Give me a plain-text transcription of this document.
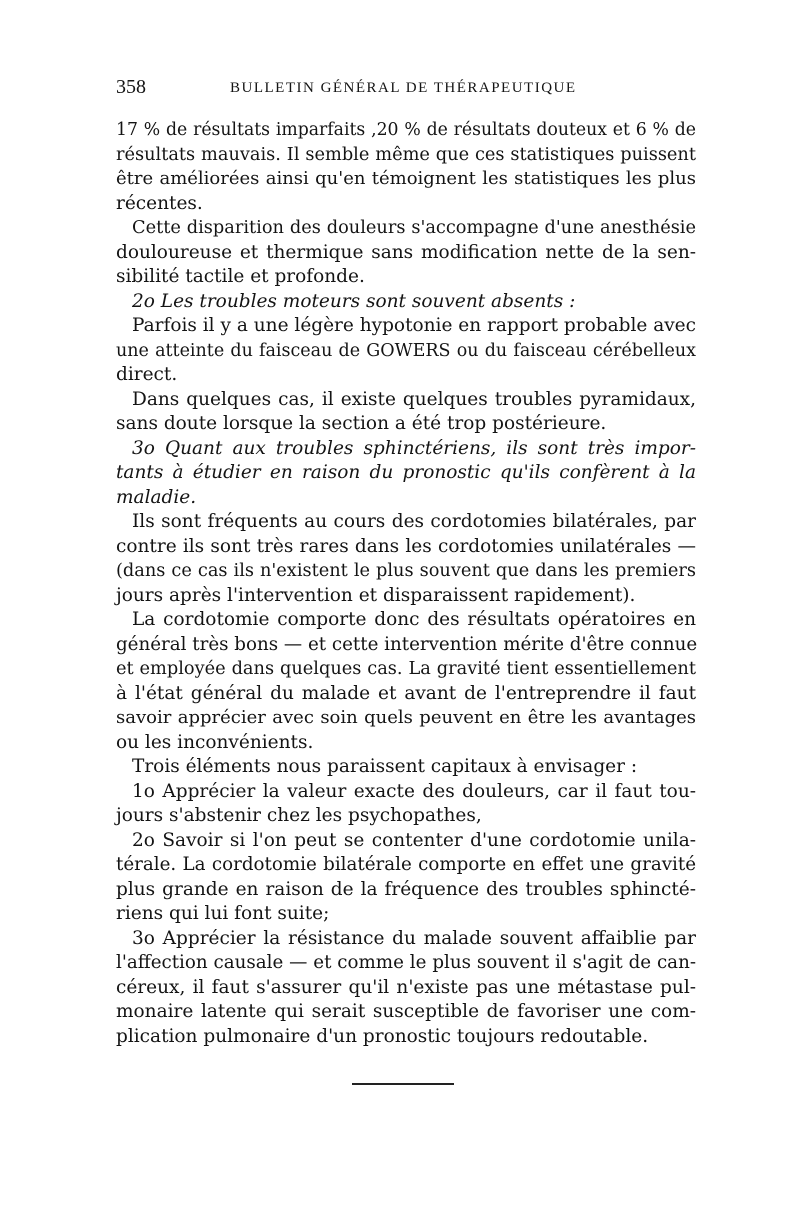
358	BULLETIN GÉNÉRAL DE THÉRAPEUTIQUE
17 % de résultats imparfaits ,20 % de résultats douteux et 6 % de
résultats mauvais. Il semble même que ces statistiques puissent
être améliorées ainsi qu'en témoignent les statistiques les plus
récentes.
Cette disparition des douleurs s'accompagne d'une anesthésie
douloureuse et thermique sans modification nette de la sen-
sibilité tactile et profonde.
2o Les troubles moteurs sont souvent absents :
Parfois il y a une légère hypotonie en rapport probable avec
une atteinte du faisceau de GOWERS ou du faisceau cérébelleux
direct.
Dans quelques cas, il existe quelques troubles pyramidaux,
sans doute lorsque la section a été trop postérieure.
3o Quant aux troubles sphinctériens, ils sont très impor-
tants à étudier en raison du pronostic qu'ils confèrent à la
maladie.
Ils sont fréquents au cours des cordotomies bilatérales, par
contre ils sont très rares dans les cordotomies unilatérales —
(dans ce cas ils n'existent le plus souvent que dans les premiers
jours après l'intervention et disparaissent rapidement).
La cordotomie comporte donc des résultats opératoires en
général très bons — et cette intervention mérite d'être connue
et employée dans quelques cas. La gravité tient essentiellement
à l'état général du malade et avant de l'entreprendre il faut
savoir apprécier avec soin quels peuvent en être les avantages
ou les inconvénients.
Trois éléments nous paraissent capitaux à envisager :
1o Apprécier la valeur exacte des douleurs, car il faut tou-
jours s'abstenir chez les psychopathes,
2o Savoir si l'on peut se contenter d'une cordotomie unila-
térale. La cordotomie bilatérale comporte en effet une gravité
plus grande en raison de la fréquence des troubles sphincté-
riens qui lui font suite;
3o Apprécier la résistance du malade souvent affaiblie par
l'affection causale — et comme le plus souvent il s'agit de can-
céreux, il faut s'assurer qu'il n'existe pas une métastase pul-
monaire latente qui serait susceptible de favoriser une com-
plication pulmonaire d'un pronostic toujours redoutable.
